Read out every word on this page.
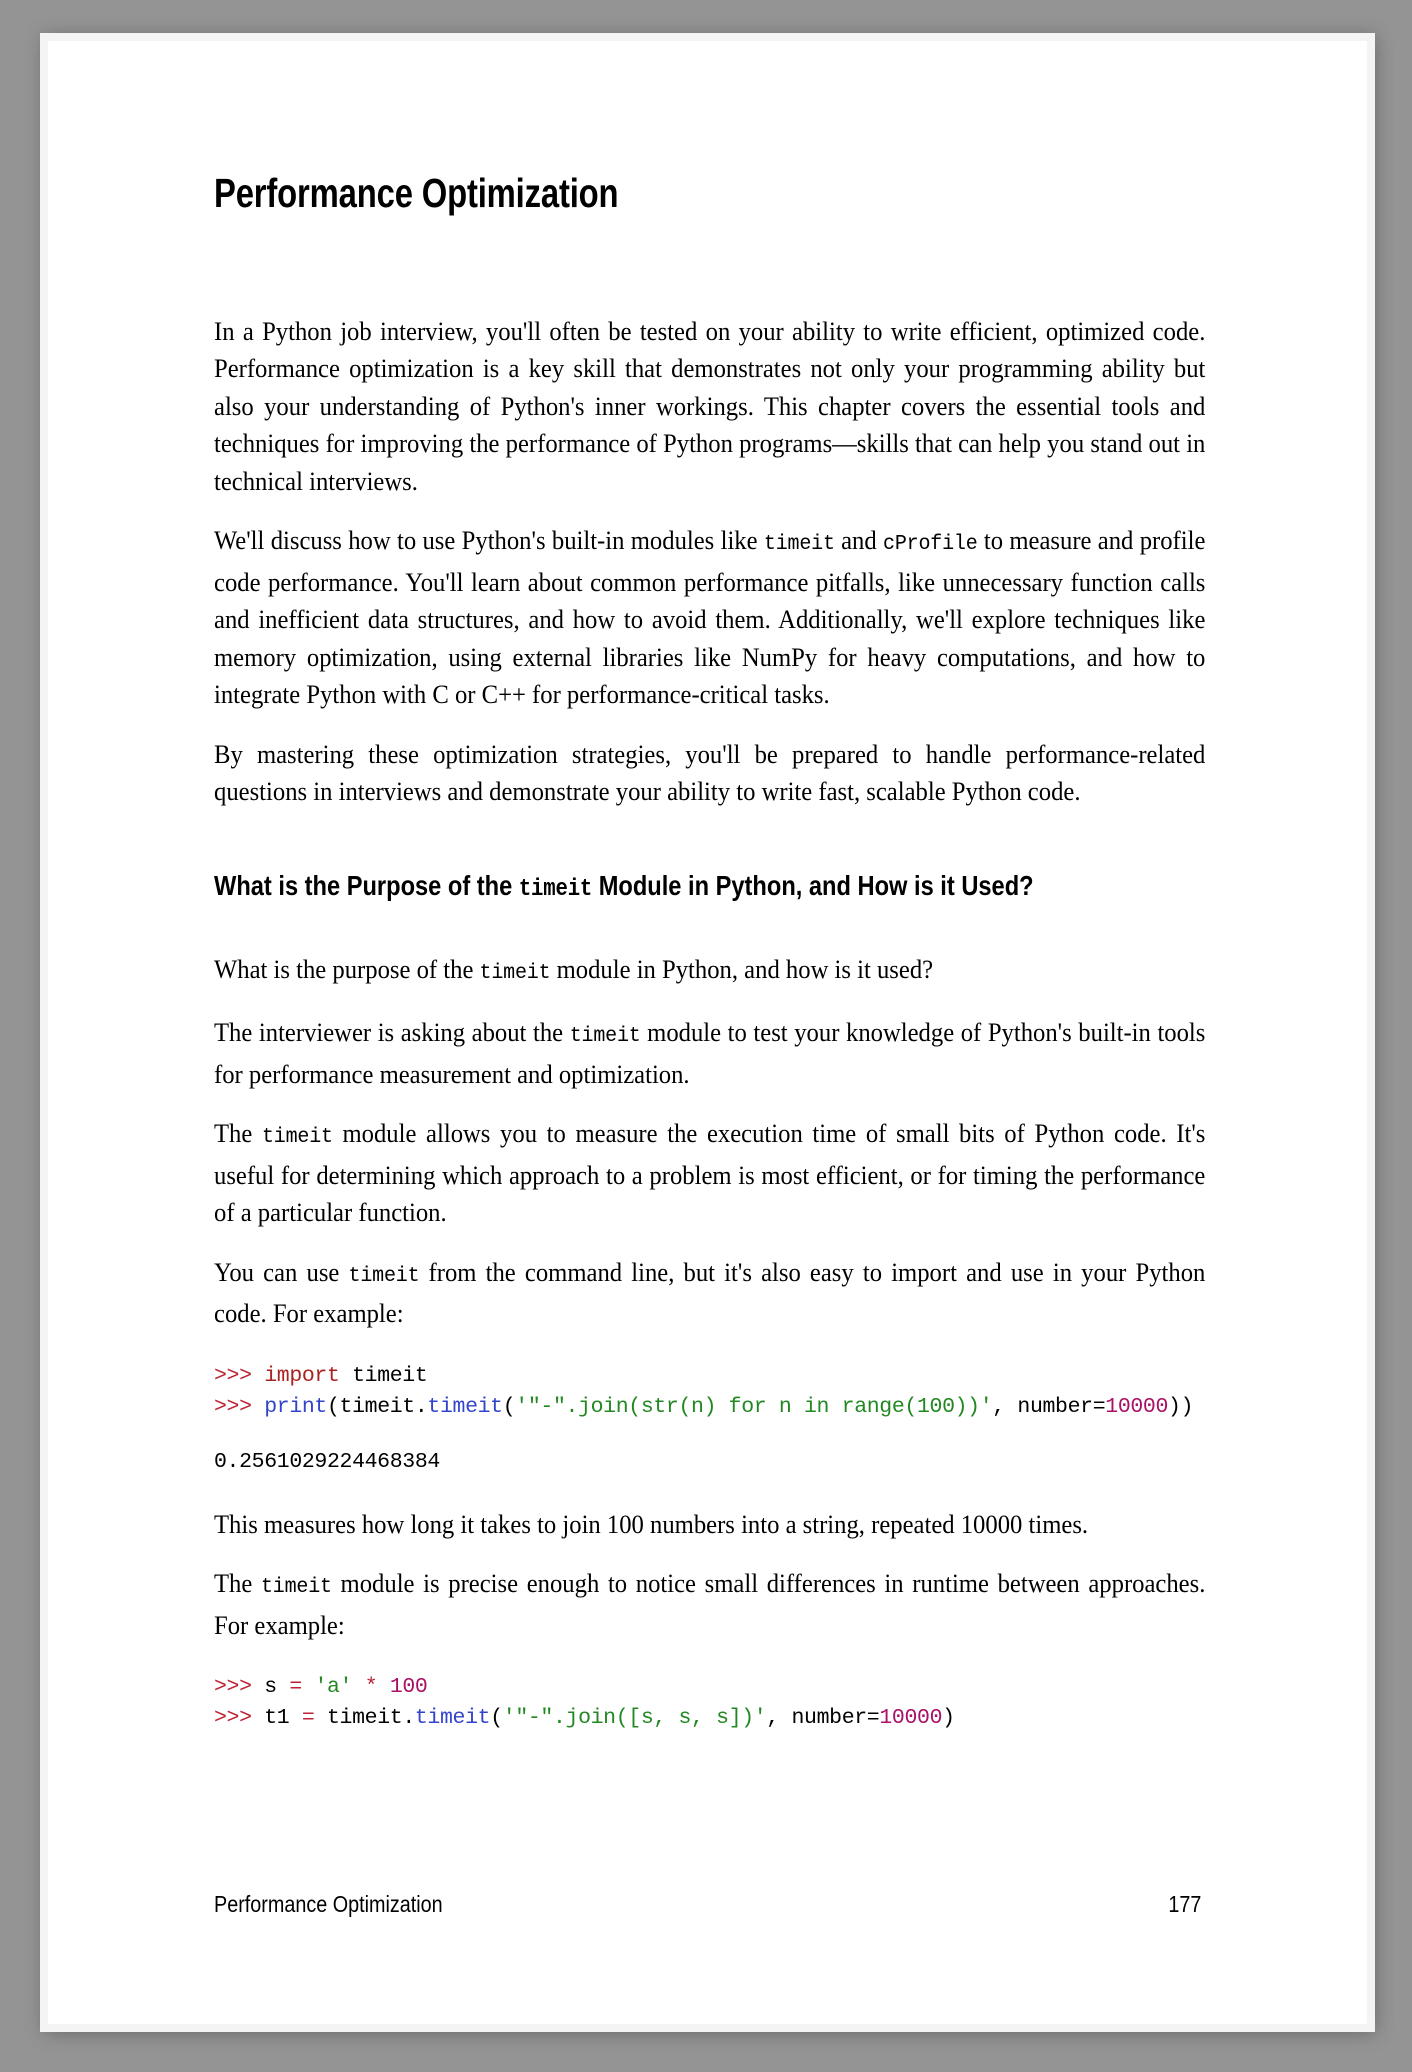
Performance Optimization

In a Python job interview, you'll often be tested on your ability to write efficient, optimized code. Performance optimization is a key skill that demonstrates not only your programming ability but also your understanding of Python's inner workings. This chapter covers the essential tools and techniques for improving the performance of Python programs—skills that can help you stand out in technical interviews.

We'll discuss how to use Python's built-in modules like timeit and cProfile to measure and profile code performance. You'll learn about common performance pitfalls, like unnecessary function calls and inefficient data structures, and how to avoid them. Additionally, we'll explore techniques like memory optimization, using external libraries like NumPy for heavy computations, and how to integrate Python with C or C++ for performance-critical tasks.

By mastering these optimization strategies, you'll be prepared to handle performance-related questions in interviews and demonstrate your ability to write fast, scalable Python code.

What is the Purpose of the timeit Module in Python, and How is it Used?

What is the purpose of the timeit module in Python, and how is it used?

The interviewer is asking about the timeit module to test your knowledge of Python's built-in tools for performance measurement and optimization.

The timeit module allows you to measure the execution time of small bits of Python code. It's useful for determining which approach to a problem is most efficient, or for timing the performance of a particular function.

You can use timeit from the command line, but it's also easy to import and use in your Python code. For example:

>>> import timeit
>>> print(timeit.timeit('"-".join(str(n) for n in range(100))', number=10000))
0.2561029224468384

This measures how long it takes to join 100 numbers into a string, repeated 10000 times.

The timeit module is precise enough to notice small differences in runtime between approaches. For example:

>>> s = 'a' * 100
>>> t1 = timeit.timeit('"-".join([s, s, s])', number=10000)
Performance Optimization	177
